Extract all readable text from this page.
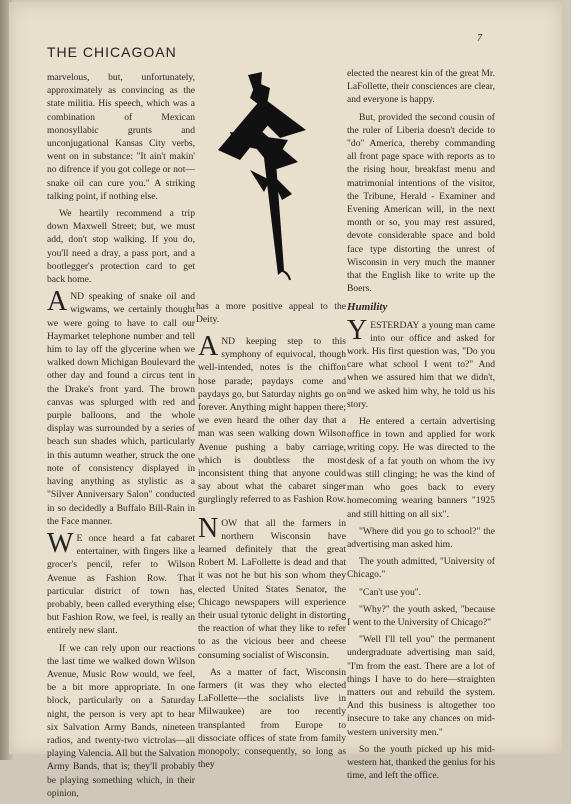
THE CHICAGOAN
7

marvelous, but, unfortunately, approximately as convincing as the state militia. His speech, which was a combination of Mexican monosyllabic grunts and unconjugational Kansas City verbs, went on in substance: "It ain't makin' no difrence if you got college or not—snake oil can cure you." A striking talking point, if nothing else.

We heartily recommend a trip down Maxwell Street; but, we must add, don't stop walking. If you do, you'll need a dray, a pass port, and a bootlegger's protection card to get back home.

AND speaking of snake oil and wigwams, we certainly thought we were going to have to call our Haymarket telephone number and tell him to lay off the glycerine when we walked down Michigan Boulevard the other day and found a circus tent in the Drake's front yard. The brown canvas was splurged with red and purple balloons, and the whole display was surrounded by a series of beach sun shades which, particularly in this autumn weather, struck the one note of consistency displayed in having anything as stylistic as a "Silver Anniversary Salon" conducted in so decidedly a Buffalo Bill-Rain in the Face manner.

W E once heard a fat cabaret entertainer, with fingers like a grocer's pencil, refer to Wilson Avenue as Fashion Row. That particular district of town has, probably, been called everything else; but Fashion Row, we feel, is really an entirely new slant.

If we can rely upon our reactions the last time we walked down Wilson Avenue, Music Row would, we feel, be a bit more appropriate. In one block, particularly on a Saturday night, the person is very apt to hear six Salvation Army Bands, nineteen radios, and twenty-two victrolas—all playing Valencia. All but the Salvation Army Bands, that is; they'll probably be playing something which, in their opinion,

has a more positive appeal to the Deity.

AND keeping step to this symphony of equivocal, though well-intended, notes is the chiffon hose parade; paydays come and paydays go, but Saturday nights go on forever. Anything might happen there; we even heard the other day that a man was seen walking down Wilson Avenue pushing a baby carriage, which is doubtless the most inconsistent thing that anyone could say about what the cabaret singer gurglingly referred to as Fashion Row.

NOW that all the farmers in northern Wisconsin have learned definitely that the great Robert M. LaFollette is dead and that it was not he but his son whom they elected United States Senator, the Chicago newspapers will experience their usual tytonic delight in distorting the reaction of what they like to refer to as the vicious beer and cheese consuming socialist of Wisconsin.

As a matter of fact, Wisconsin farmers (it was they who elected LaFollette—the socialists live in Milwaukee) are too recently transplanted from Europe to dissociate offices of state from family monopoly; consequently, so long as they

elected the nearest kin of the great Mr. LaFollette, their consciences are clear, and everyone is happy.

But, provided the second cousin of the ruler of Liberia doesn't decide to "do" America, thereby commanding all front page space with reports as to the rising hour, breakfast menu and matrimonial intentions of the visitor, the Tribune, Herald - Examiner and Evening American will, in the next month or so, you may rest assured, devote considerable space and bold face type distorting the unrest of Wisconsin in very much the manner that the English like to write up the Boers.

Humility

YESTERDAY a young man came into our office and asked for work. His first question was, "Do you care what school I went to?" And when we assured him that we didn't, and we asked him why, he told us his story.

He entered a certain advertising office in town and applied for work writing copy. He was directed to the desk of a fat youth on whom the ivy was still clinging; he was the kind of man who goes back to every homecoming wearing banners "1925 and still hitting on all six".

"Where did you go to school?" the advertising man asked him.

The youth admitted, "University of Chicago."

"Can't use you".

"Why?" the youth asked, "because I went to the University of Chicago?"

"Well I'll tell you" the permanent undergraduate advertising man said, "I'm from the east. There are a lot of things I have to do here—straighten matters out and rebuild the system. And this business is altogether too insecure to take any chances on mid-western university men."

So the youth picked up his mid-western hat, thanked the genius for his time, and left the office.
